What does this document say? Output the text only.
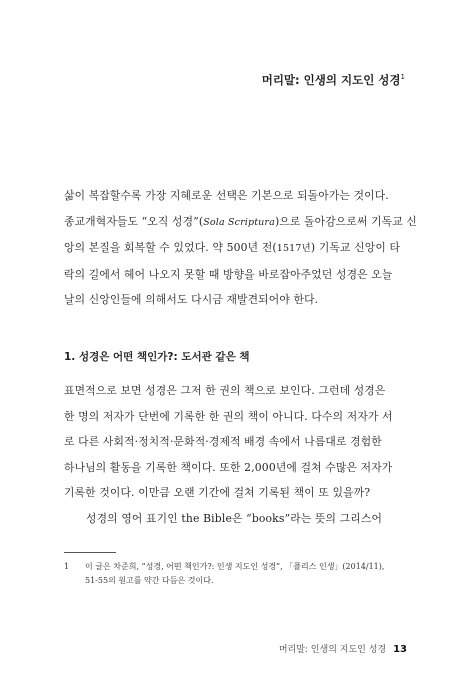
머리말: 인생의 지도인 성경$^1$
삶이 복잡할수록 가장 지혜로운 선택은 기본으로 되돌아가는 것이다.
종교개혁자들도 “오직 성경”(Sola Scriptura)으로 돌아감으로써 기독교 신
앙의 본질을 회복할 수 있었다. 약 500년 전(1517년) 기독교 신앙이 타
락의 길에서 헤어 나오지 못할 때 방향을 바로잡아주었던 성경은 오늘
날의 신앙인들에 의해서도 다시금 재발견되어야 한다.
1. 성경은 어떤 책인가?: 도서관 같은 책
표면적으로 보면 성경은 그저 한 권의 책으로 보인다. 그런데 성경은
한 명의 저자가 단번에 기록한 한 권의 책이 아니다. 다수의 저자가 서
로 다른 사회적·정치적·문화적·경제적 배경 속에서 나름대로 경험한
하나님의 활동을 기록한 책이다. 또한 2,000년에 걸쳐 수많은 저자가
기록한 것이다. 이만큼 오랜 기간에 걸쳐 기록된 책이 또 있을까?
성경의 영어 표기인 the Bible은 “books”라는 뜻의 그리스어
1 이 글은 차준희, “성경, 어떤 책인가?: 인생 지도인 성경”, 「플리스 인생」(2014/11),
51-55의 원고를 약간 다듬은 것이다.
머리말: 인생의 지도인 성경 13
